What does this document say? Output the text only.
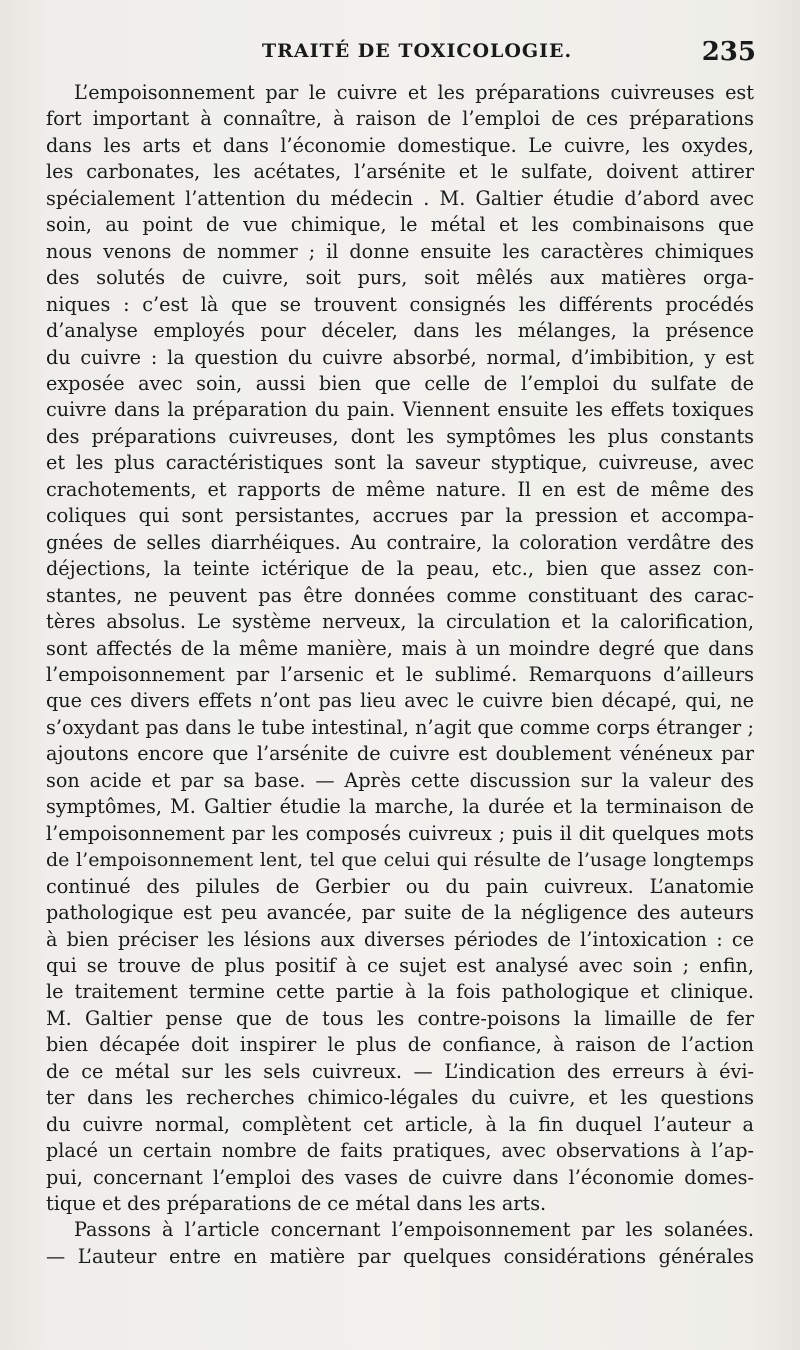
TRAITÉ DE TOXICOLOGIE.	235
L’empoisonnement par le cuivre et les préparations cuivreuses est
fort important à connaître, à raison de l’emploi de ces préparations
dans les arts et dans l’économie domestique. Le cuivre, les oxydes,
les carbonates, les acétates, l’arsénite et le sulfate, doivent attirer
spécialement l’attention du médecin . M. Galtier étudie d’abord avec
soin, au point de vue chimique, le métal et les combinaisons que
nous venons de nommer ; il donne ensuite les caractères chimiques
des solutés de cuivre, soit purs, soit mêlés aux matières orga-
niques : c’est là que se trouvent consignés les différents procédés
d’analyse employés pour déceler, dans les mélanges, la présence
du cuivre : la question du cuivre absorbé, normal, d’imbibition, y est
exposée avec soin, aussi bien que celle de l’emploi du sulfate de
cuivre dans la préparation du pain. Viennent ensuite les effets toxiques
des préparations cuivreuses, dont les symptômes les plus constants
et les plus caractéristiques sont la saveur styptique, cuivreuse, avec
crachotements, et rapports de même nature. Il en est de même des
coliques qui sont persistantes, accrues par la pression et accompa-
gnées de selles diarrhéiques. Au contraire, la coloration verdâtre des
déjections, la teinte ictérique de la peau, etc., bien que assez con-
stantes, ne peuvent pas être données comme constituant des carac-
tères absolus. Le système nerveux, la circulation et la calorification,
sont affectés de la même manière, mais à un moindre degré que dans
l’empoisonnement par l’arsenic et le sublimé. Remarquons d’ailleurs
que ces divers effets n’ont pas lieu avec le cuivre bien décapé, qui, ne
s’oxydant pas dans le tube intestinal, n’agit que comme corps étranger ;
ajoutons encore que l’arsénite de cuivre est doublement vénéneux par
son acide et par sa base. — Après cette discussion sur la valeur des
symptômes, M. Galtier étudie la marche, la durée et la terminaison de
l’empoisonnement par les composés cuivreux ; puis il dit quelques mots
de l’empoisonnement lent, tel que celui qui résulte de l’usage longtemps
continué des pilules de Gerbier ou du pain cuivreux. L’anatomie
pathologique est peu avancée, par suite de la négligence des auteurs
à bien préciser les lésions aux diverses périodes de l’intoxication : ce
qui se trouve de plus positif à ce sujet est analysé avec soin ; enfin,
le traitement termine cette partie à la fois pathologique et clinique.
M. Galtier pense que de tous les contre-poisons la limaille de fer
bien décapée doit inspirer le plus de confiance, à raison de l’action
de ce métal sur les sels cuivreux. — L’indication des erreurs à évi-
ter dans les recherches chimico-légales du cuivre, et les questions
du cuivre normal, complètent cet article, à la fin duquel l’auteur a
placé un certain nombre de faits pratiques, avec observations à l’ap-
pui, concernant l’emploi des vases de cuivre dans l’économie domes-
tique et des préparations de ce métal dans les arts.
Passons à l’article concernant l’empoisonnement par les solanées.
— L’auteur entre en matière par quelques considérations générales
